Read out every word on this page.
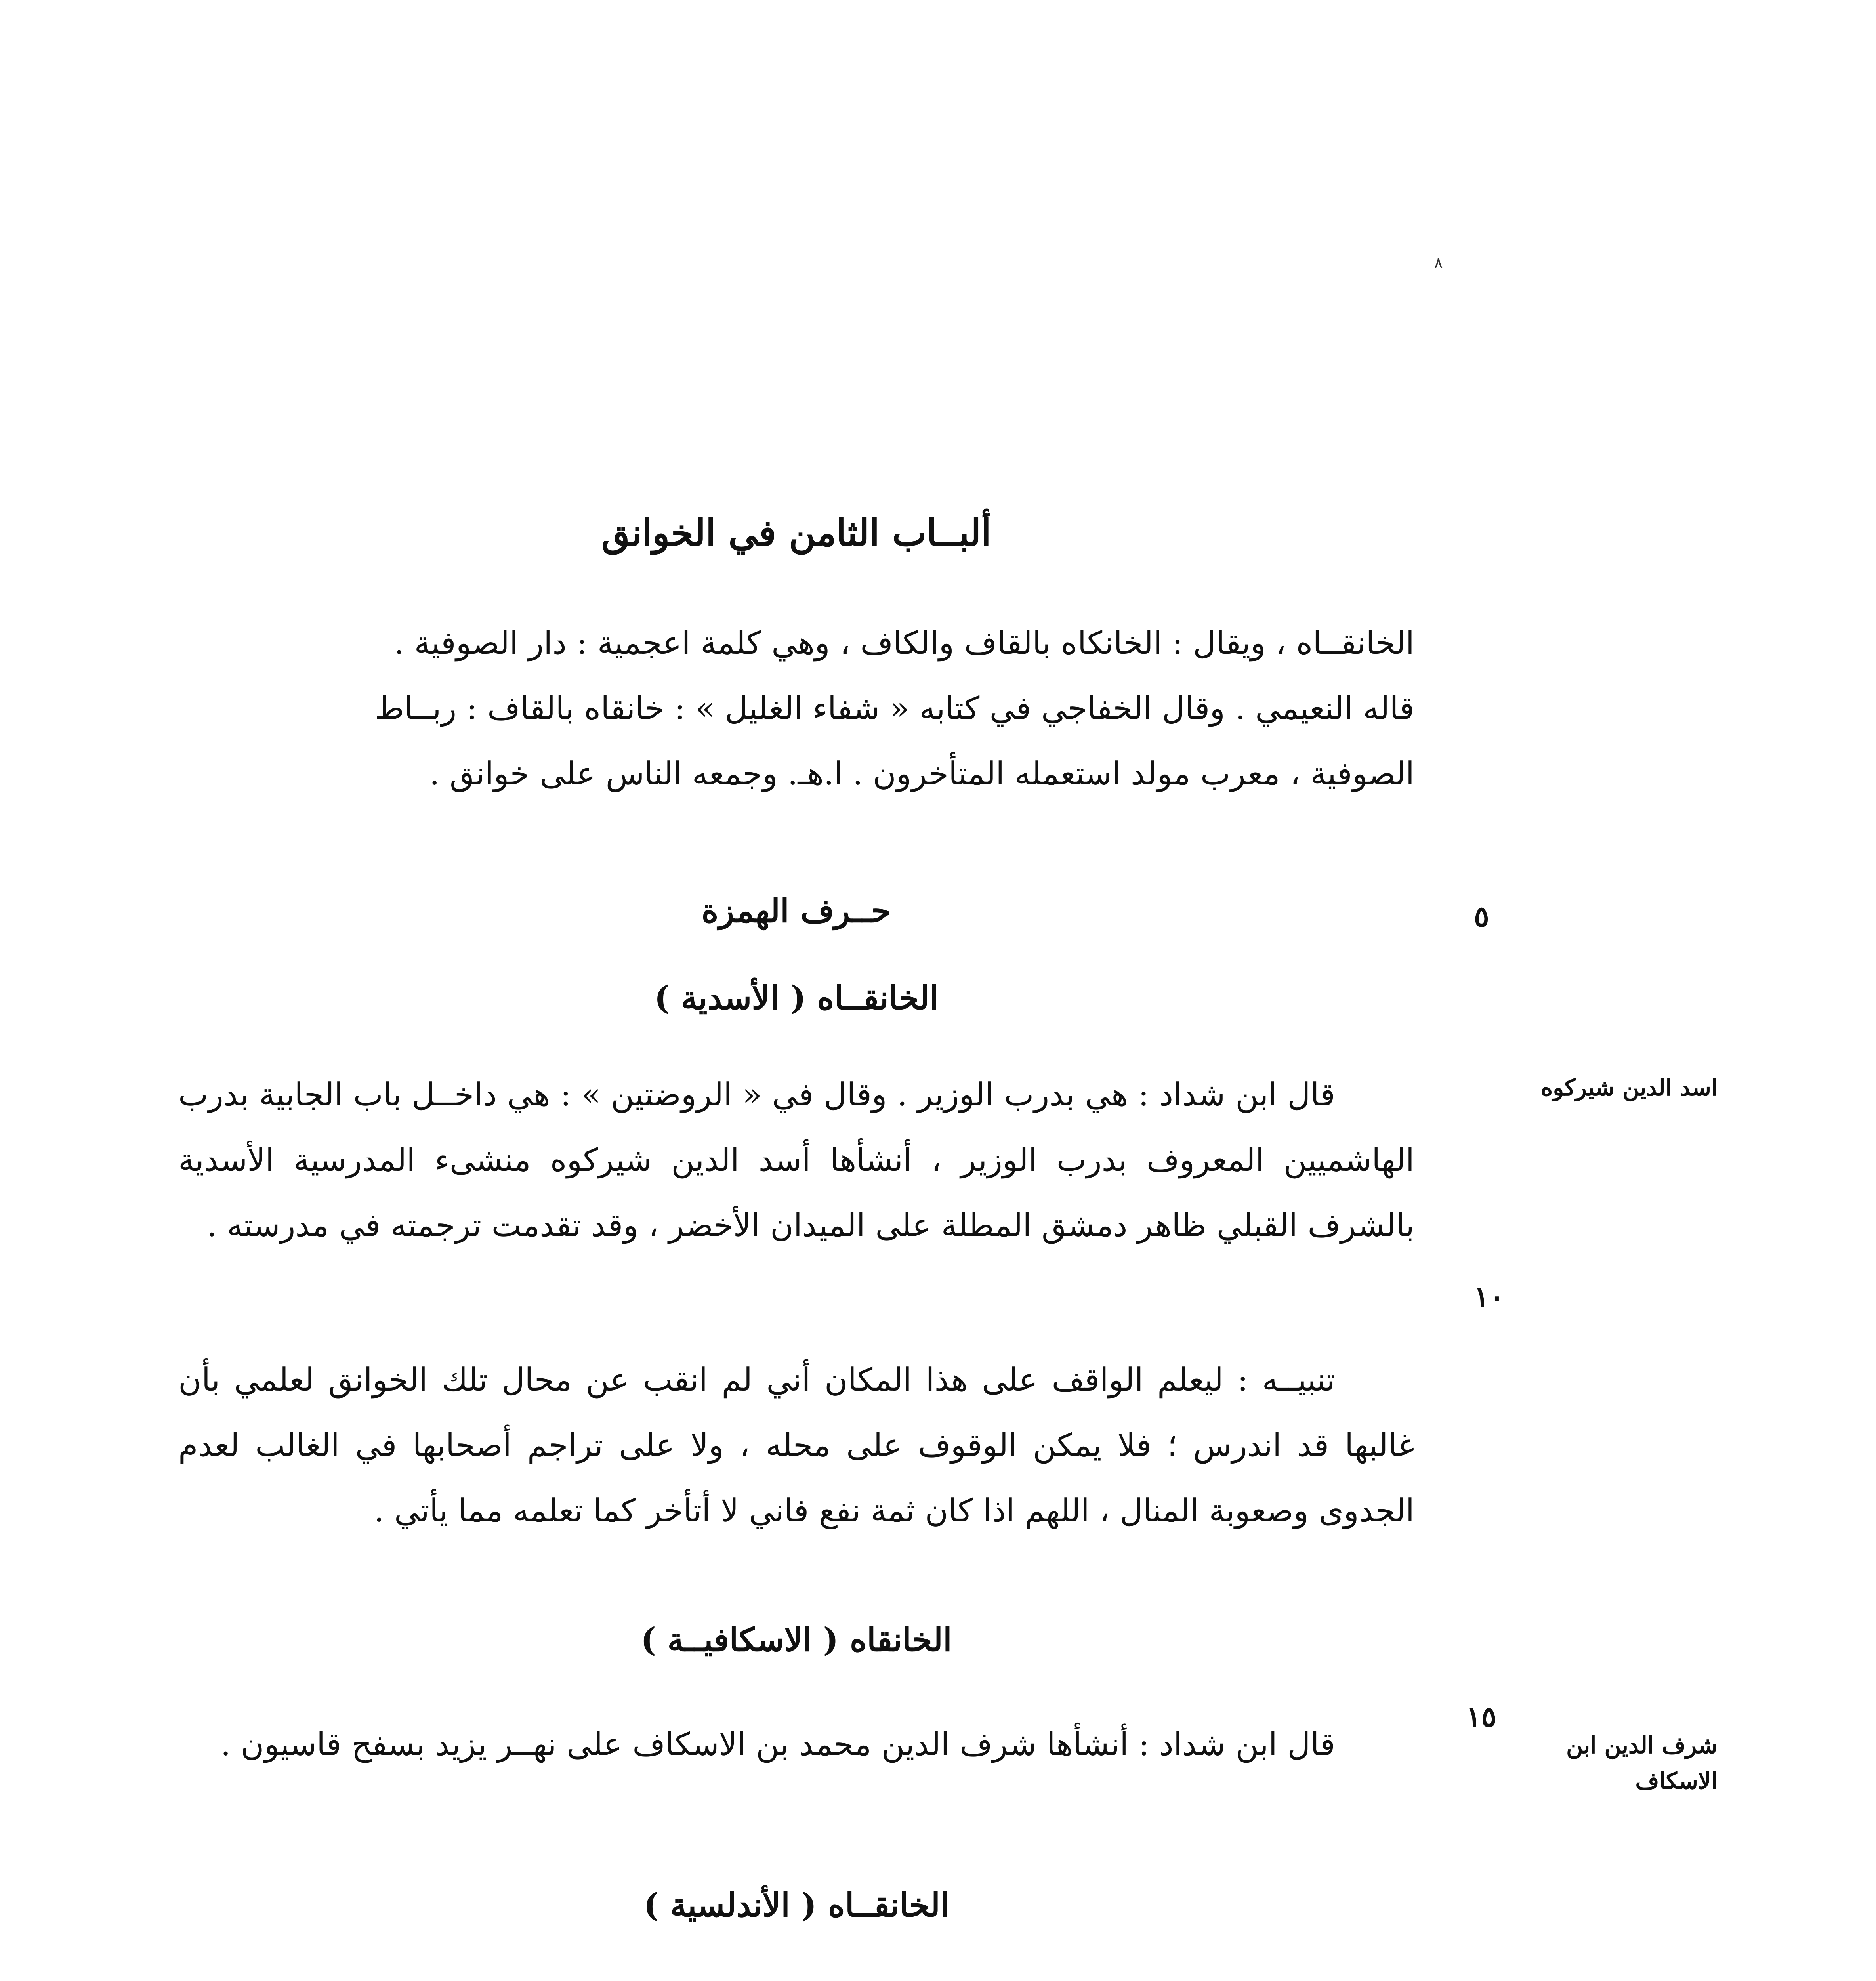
٨
ألبــاب الثامن في الخوانق

الخانقــاه ، ويقال : الخانكاه بالقاف والكاف ، وهي كلمة اعجمية : دار الصوفية .

قاله النعيمي . وقال الخفاجي في كتابه « شفاء الغليل » : خانقاه بالقاف : ربــاط

الصوفية ، معرب مولد استعمله المتأخرون . ا.هـ. وجمعه الناس على خوانق .

٥
حــرف الهمزة
الخانقــاه ( الأسدية )
اسد الدين شيركوه

قال ابن شداد : هي بدرب الوزير . وقال في « الروضتين » : هي داخــل باب الجابية بدرب الهاشميين المعروف بدرب الوزير ، أنشأها أسد الدين شيركوه منشىء المدرسية الأسدية بالشرف القبلي ظاهر دمشق المطلة على الميدان الأخضر ، وقد تقدمت ترجمته في مدرسته .

١٠

تنبيــه : ليعلم الواقف على هذا المكان أني لم انقب عن محال تلك الخوانق لعلمي بأن غالبها قد اندرس ؛ فلا يمكن الوقوف على محله ، ولا على تراجم أصحابها في الغالب لعدم الجدوى وصعوبة المنال ، اللهم اذا كان ثمة نفع فاني لا أتأخر كما تعلمه مما يأتي .

الخانقاه ( الاسكافيــة )
١٥
شرف الدين ابن الاسكاف

قال ابن شداد : أنشأها شرف الدين محمد بن الاسكاف على نهــر يزيد بسفح قاسيون .

الخانقــاه ( الأندلسية )
